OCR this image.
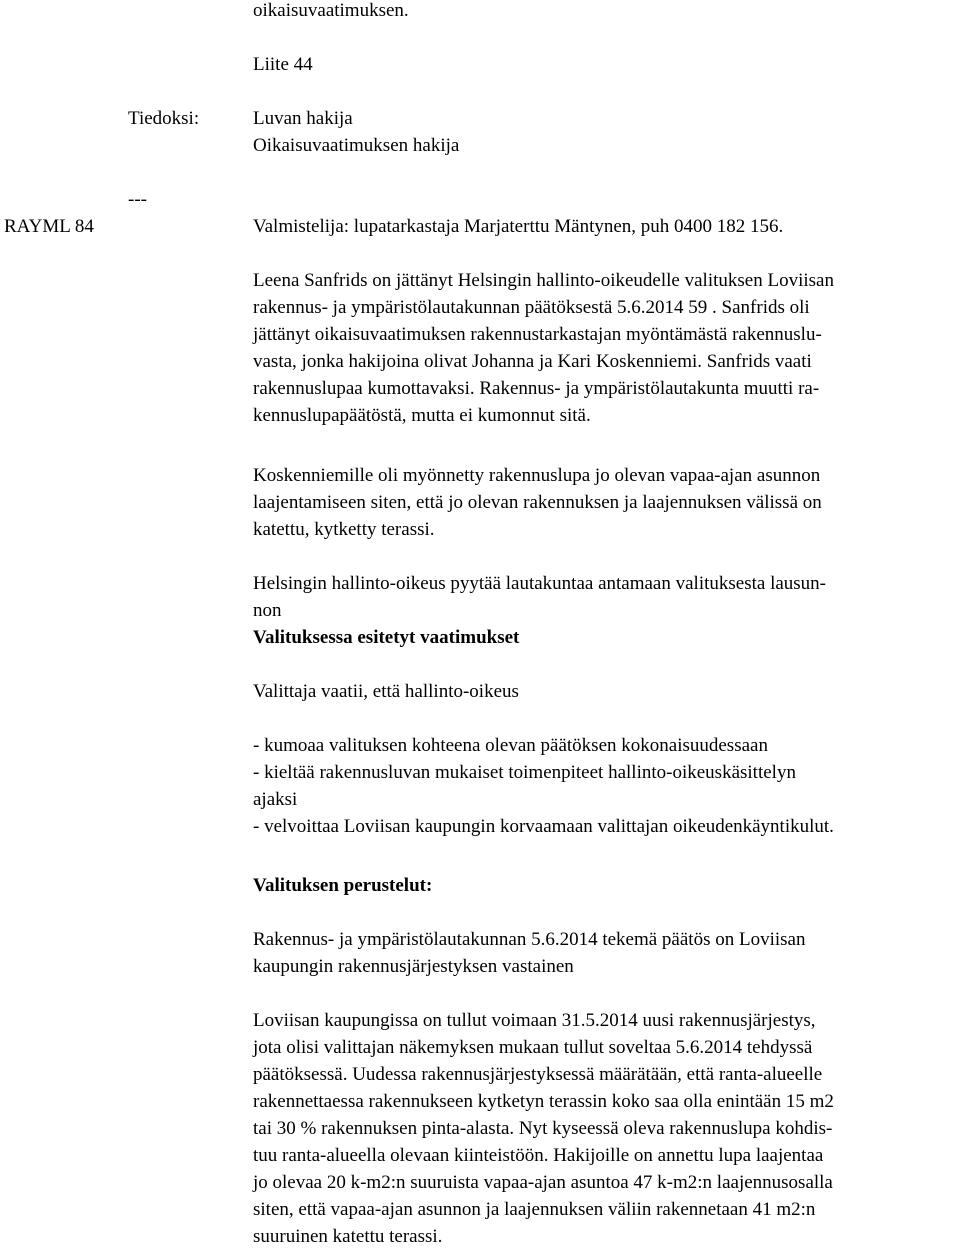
oikaisuvaatimuksen.

Liite 44

Tiedoksi:	Luvan hakija

Oikaisuvaatimuksen hakija

---

RAYML 84	Valmistelija: lupatarkastaja Marjaterttu Mäntynen, puh 0400 182 156.

Leena Sanfrids on jättänyt Helsingin hallinto-oikeudelle valituksen Loviisan

rakennus- ja ympäristölautakunnan päätöksestä 5.6.2014 59 . Sanfrids oli

jättänyt oikaisuvaatimuksen rakennustarkastajan myöntämästä rakennuslu-

vasta, jonka hakijoina olivat Johanna ja Kari Koskenniemi. Sanfrids vaati

rakennuslupaa kumottavaksi. Rakennus- ja ympäristölautakunta muutti ra-

kennuslupapäätöstä, mutta ei kumonnut sitä.

Koskenniemille oli myönnetty rakennuslupa jo olevan vapaa-ajan asunnon

laajentamiseen siten, että jo olevan rakennuksen ja laajennuksen välissä on

katettu, kytketty terassi.

Helsingin hallinto-oikeus pyytää lautakuntaa antamaan valituksesta lausun-

non

Valituksessa esitetyt vaatimukset

Valittaja vaatii, että hallinto-oikeus

- kumoaa valituksen kohteena olevan päätöksen kokonaisuudessaan

- kieltää rakennusluvan mukaiset toimenpiteet hallinto-oikeuskäsittelyn

ajaksi

- velvoittaa Loviisan kaupungin korvaamaan valittajan oikeudenkäyntikulut.

Valituksen perustelut:

Rakennus- ja ympäristölautakunnan 5.6.2014 tekemä päätös on Loviisan

kaupungin rakennusjärjestyksen vastainen

Loviisan kaupungissa on tullut voimaan 31.5.2014 uusi rakennusjärjestys,

jota olisi valittajan näkemyksen mukaan tullut soveltaa 5.6.2014 tehdyssä

päätöksessä. Uudessa rakennusjärjestyksessä määrätään, että ranta-alueelle

rakennettaessa rakennukseen kytketyn terassin koko saa olla enintään 15 m2

tai 30 % rakennuksen pinta-alasta. Nyt kyseessä oleva rakennuslupa kohdis-

tuu ranta-alueella olevaan kiinteistöön. Hakijoille on annettu lupa laajentaa

jo olevaa 20 k-m2:n suuruista vapaa-ajan asuntoa 47 k-m2:n laajennusosalla

siten, että vapaa-ajan asunnon ja laajennuksen väliin rakennetaan 41 m2:n

suuruinen katettu terassi.
